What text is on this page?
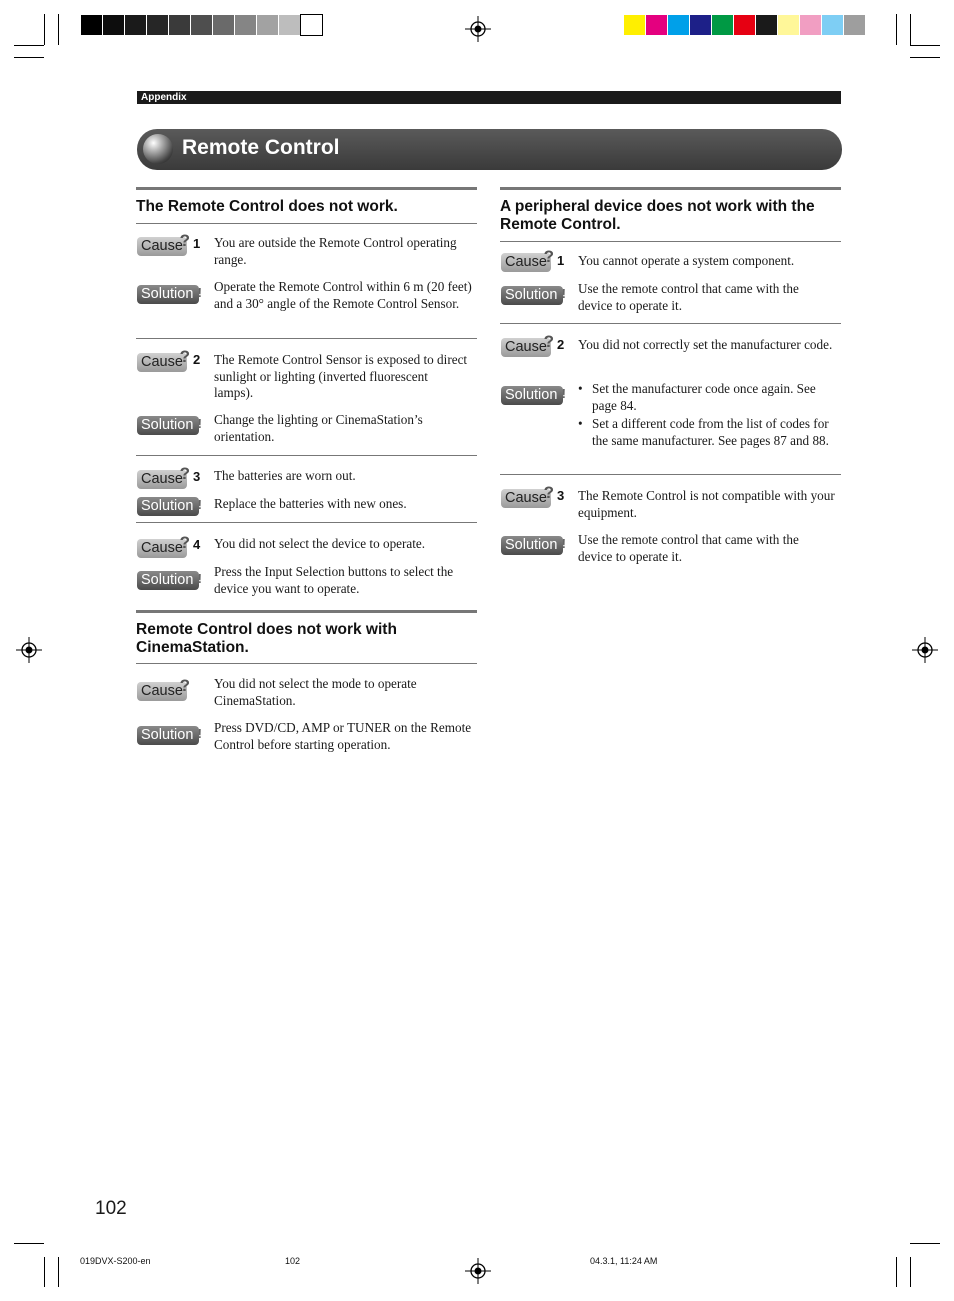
Appendix
Remote Control
The Remote Control does not work.
Cause
? 1 You are outside the Remote Control operating range.
Solution ! Operate the Remote Control within 6 m (20 feet) and a 30° angle of the Remote Control Sensor.
Cause
? 2 The Remote Control Sensor is exposed to direct sunlight or lighting (inverted fluorescent lamps).
Solution ! Change the lighting or CinemaStation’s orientation.
Cause
? 3 The batteries are worn out.
Solution ! Replace the batteries with new ones.
Cause
? 4 You did not select the device to operate.
Solution ! Press the Input Selection buttons to select the device you want to operate.
Remote Control does not work with CinemaStation.
Cause
? You did not select the mode to operate CinemaStation.
Solution ! Press DVD/CD, AMP or TUNER on the Remote Control before starting operation.
A peripheral device does not work with the Remote Control.
Cause
? 1 You cannot operate a system component.
Solution ! Use the remote control that came with the device to operate it.
Cause
? 2 You did not correctly set the manufacturer code.
Solution ! • Set the manufacturer code once again. See page 84.
• Set a different code from the list of codes for the same manufacturer. See pages 87 and 88.
Cause
? 3 The Remote Control is not compatible with your equipment.
Solution ! Use the remote control that came with the device to operate it.
102
019DVX-S200-en	102	04.3.1, 11:24 AM
